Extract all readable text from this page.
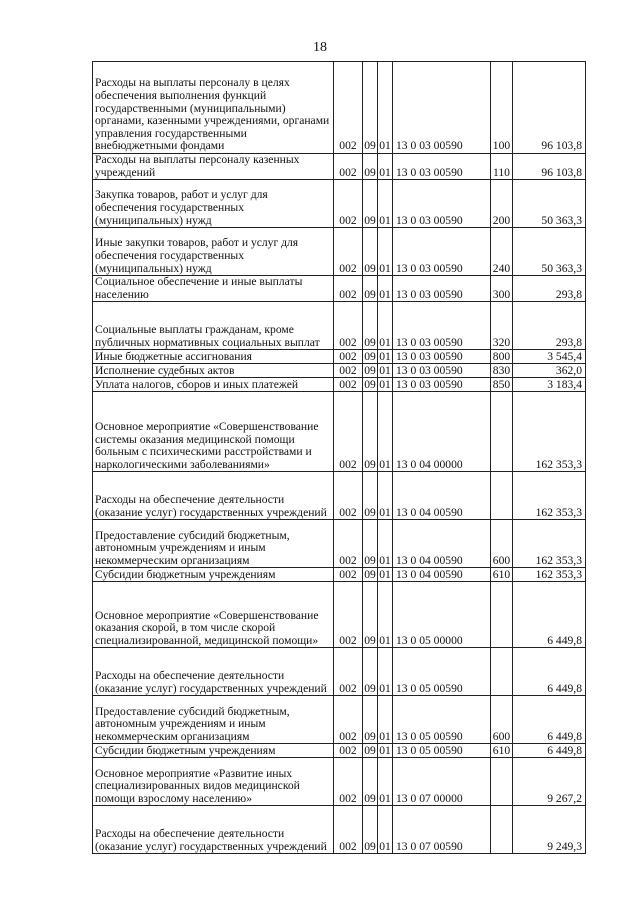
18
Расходы на выплаты персоналу в целях обеспечения выполнения функций государственными (муниципальными) органами, казенными учреждениями, органами управления государственными внебюджетными фондами	002	09	01	13 0 03 00590	100	96 103,8
Расходы на выплаты персоналу казенных учреждений	002	09	01	13 0 03 00590	110	96 103,8
Закупка товаров, работ и услуг для обеспечения государственных (муниципальных) нужд	002	09	01	13 0 03 00590	200	50 363,3
Иные закупки товаров, работ и услуг для обеспечения государственных (муниципальных) нужд	002	09	01	13 0 03 00590	240	50 363,3
Социальное обеспечение и иные выплаты населению	002	09	01	13 0 03 00590	300	293,8
Социальные выплаты гражданам, кроме публичных нормативных социальных выплат	002	09	01	13 0 03 00590	320	293,8
Иные бюджетные ассигнования	002	09	01	13 0 03 00590	800	3 545,4
Исполнение судебных актов	002	09	01	13 0 03 00590	830	362,0
Уплата налогов, сборов и иных платежей	002	09	01	13 0 03 00590	850	3 183,4
Основное мероприятие «Совершенствование системы оказания медицинской помощи больным с психическими расстройствами и наркологическими заболеваниями»	002	09	01	13 0 04 00000		162 353,3
Расходы на обеспечение деятельности (оказание услуг) государственных учреждений	002	09	01	13 0 04 00590		162 353,3
Предоставление субсидий бюджетным, автономным учреждениям и иным некоммерческим организациям	002	09	01	13 0 04 00590	600	162 353,3
Субсидии бюджетным учреждениям	002	09	01	13 0 04 00590	610	162 353,3
Основное мероприятие «Совершенствование оказания скорой, в том числе скорой специализированной, медицинской помощи»	002	09	01	13 0 05 00000		6 449,8
Расходы на обеспечение деятельности (оказание услуг) государственных учреждений	002	09	01	13 0 05 00590		6 449,8
Предоставление субсидий бюджетным, автономным учреждениям и иным некоммерческим организациям	002	09	01	13 0 05 00590	600	6 449,8
Субсидии бюджетным учреждениям	002	09	01	13 0 05 00590	610	6 449,8
Основное мероприятие «Развитие иных специализированных видов медицинской помощи взрослому населению»	002	09	01	13 0 07 00000		9 267,2
Расходы на обеспечение деятельности (оказание услуг) государственных учреждений	002	09	01	13 0 07 00590		9 249,3
